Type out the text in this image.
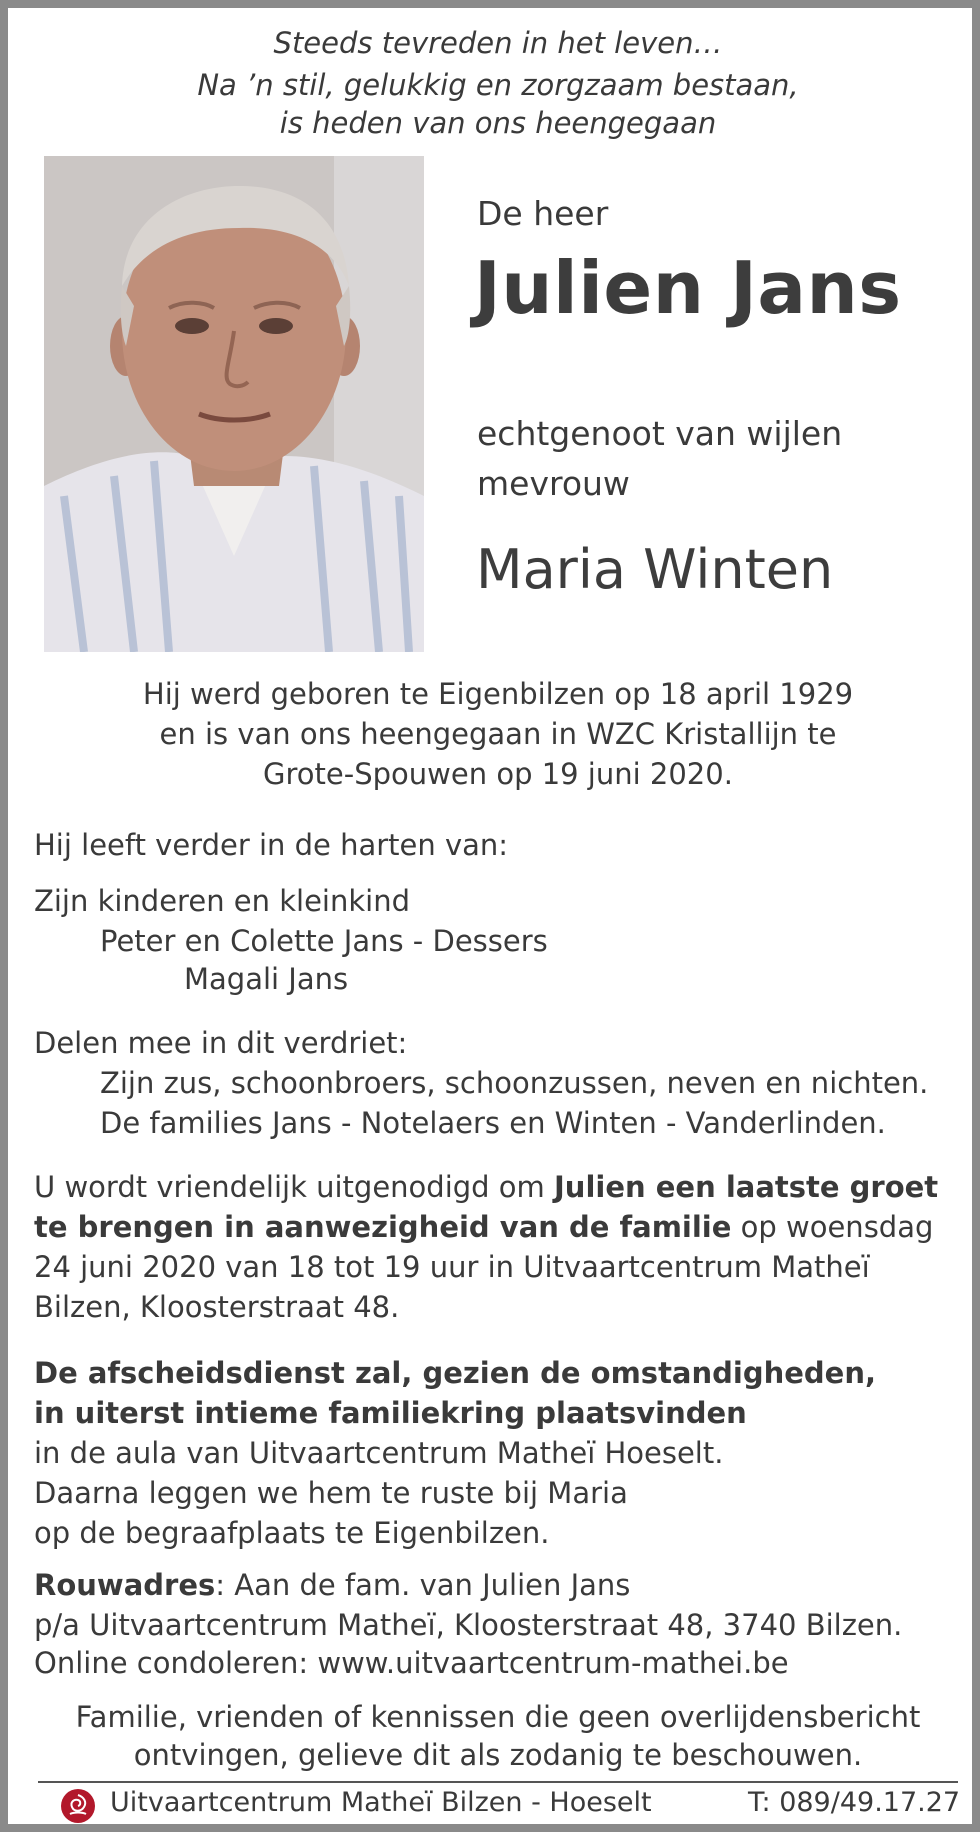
Steeds tevreden in het leven…

Na ’n stil, gelukkig en zorgzaam bestaan,

is heden van ons heengegaan

De heer

Julien Jans

echtgenoot van wijlen

mevrouw

Maria Winten

Hij werd geboren te Eigenbilzen op 18 april 1929

en is van ons heengegaan in WZC Kristallijn te

Grote-Spouwen op 19 juni 2020.

Hij leeft verder in de harten van:

Zijn kinderen en kleinkind

Peter en Colette Jans - Dessers

Magali Jans

Delen mee in dit verdriet:

Zijn zus, schoonbroers, schoonzussen, neven en nichten.

De families Jans - Notelaers en Winten - Vanderlinden.

U wordt vriendelijk uitgenodigd om Julien een laatste groet

te brengen in aanwezigheid van de familie op woensdag

24 juni 2020 van 18 tot 19 uur in Uitvaartcentrum Matheï

Bilzen, Kloosterstraat 48.

De afscheidsdienst zal, gezien de omstandigheden,

in uiterst intieme familiekring plaatsvinden

in de aula van Uitvaartcentrum Matheï Hoeselt.

Daarna leggen we hem te ruste bij Maria

op de begraafplaats te Eigenbilzen.

Rouwadres: Aan de fam. van Julien Jans

p/a Uitvaartcentrum Matheï, Kloosterstraat 48, 3740 Bilzen.

Online condoleren: www.uitvaartcentrum-mathei.be

Familie, vrienden of kennissen die geen overlijdensbericht

ontvingen, gelieve dit als zodanig te beschouwen.

Uitvaartcentrum Matheï Bilzen - Hoeselt	T: 089/49.17.27
